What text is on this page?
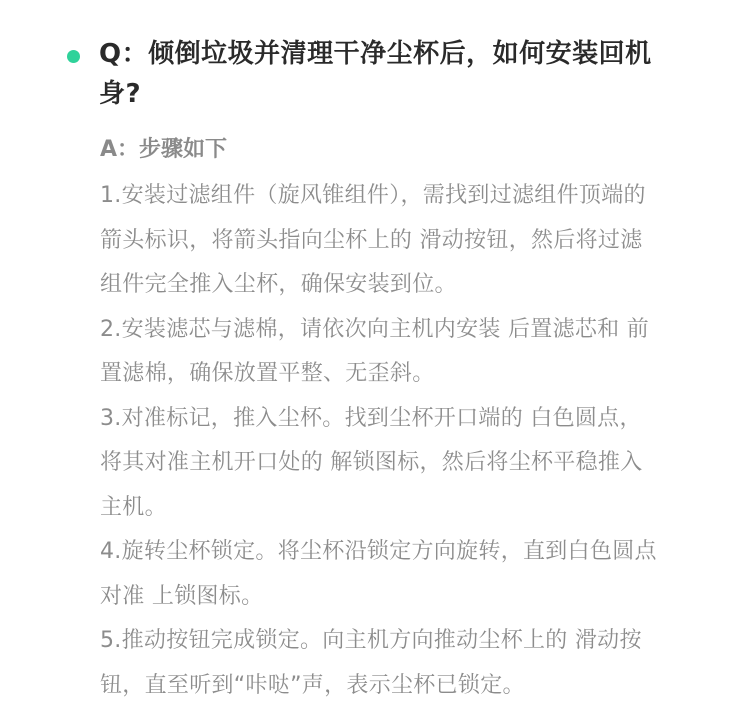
Q：倾倒垃圾并清理干净尘杯后，如何安装回机身?

A：步骤如下

1.安装过滤组件（旋风锥组件），需找到过滤组件顶端的 箭头标识，将箭头指向尘杯上的 滑动按钮，然后将过滤组件完全推入尘杯，确保安装到位。
2.安装滤芯与滤棉，请依次向主机内安装 后置滤芯和 前置滤棉，确保放置平整、无歪斜。
3.对准标记，推入尘杯。找到尘杯开口端的 白色圆点，将其对准主机开口处的 解锁图标，然后将尘杯平稳推入主机。
4.旋转尘杯锁定。将尘杯沿锁定方向旋转，直到白色圆点对准 上锁图标。
5.推动按钮完成锁定。向主机方向推动尘杯上的 滑动按钮，直至听到“咔哒”声，表示尘杯已锁定。
